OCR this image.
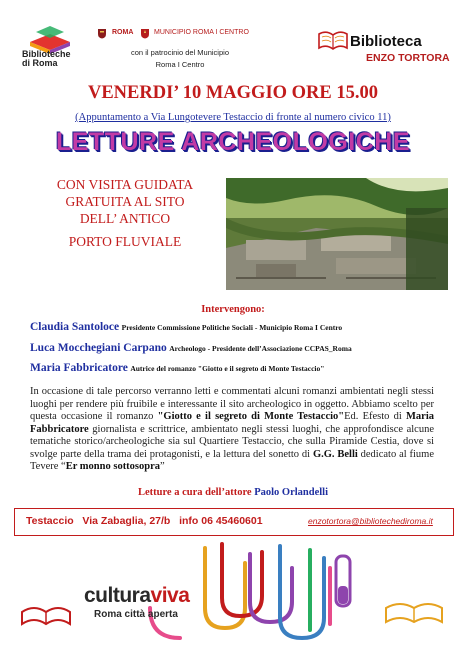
Biblioteche
di Roma
ROMA	MUNICIPIO ROMA I CENTRO
con il patrocinio del Municipio
Roma I Centro
Biblioteca
ENZO TORTORA
VENERDI’ 10 MAGGIO ORE 15.00
(Appuntamento a Via Lungotevere Testaccio di fronte al numero civico 11)
LETTURE ARCHEOLOGICHE
CON VISITA GUIDATA
GRATUITA AL SITO
DELL’ ANTICO
PORTO FLUVIALE
Intervengono:
Claudia Santoloce Presidente Commissione Politiche Sociali - Municipio Roma I Centro
Luca Mocchegiani Carpano Archeologo - Presidente dell’Associazione CCPAS_Roma
Maria Fabbricatore Autrice del romanzo "Giotto e il segreto di Monte Testaccio"
In occasione di tale percorso verranno letti e commentati alcuni romanzi ambientati negli stessi luoghi per rendere più fruibile e interessante il sito archeologico in oggetto. Abbiamo scelto per questa occasione il romanzo "Giotto e il segreto di Monte Testaccio"Ed. Efesto di Maria Fabbricatore giornalista e scrittrice, ambientato negli stessi luoghi, che approfondisce alcune tematiche storico/archeologiche sia sul Quartiere Testaccio, che sulla Piramide Cestia, dove si svolge parte della trama dei protagonisti, e la lettura del sonetto di G.G. Belli dedicato al fiume Tevere “Er monno sottosopra”
Letture a cura dell’attore Paolo Orlandelli
Testaccio   Via Zabaglia, 27/b   info 06 45460601	enzotortora@bibliotechediroma.it
culturaviva
Roma città aperta
